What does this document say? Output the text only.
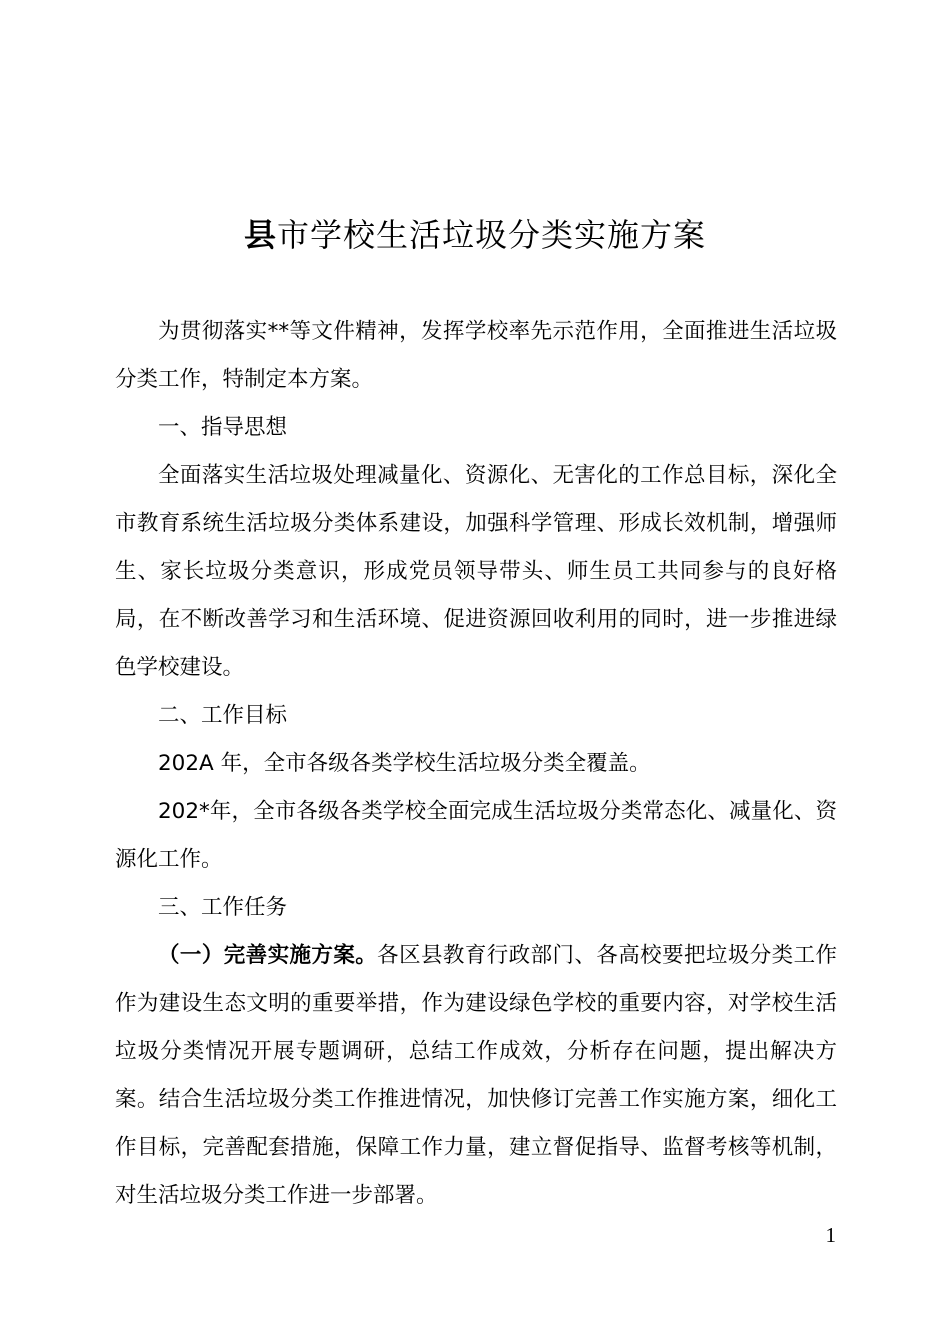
县市学校生活垃圾分类实施方案

为贯彻落实**等文件精神，发挥学校率先示范作用，全面推进生活垃圾分类工作，特制定本方案。

一、指导思想

全面落实生活垃圾处理减量化、资源化、无害化的工作总目标，深化全市教育系统生活垃圾分类体系建设，加强科学管理、形成长效机制，增强师生、家长垃圾分类意识，形成党员领导带头、师生员工共同参与的良好格局，在不断改善学习和生活环境、促进资源回收利用的同时，进一步推进绿色学校建设。

二、工作目标

202A 年，全市各级各类学校生活垃圾分类全覆盖。

202*年，全市各级各类学校全面完成生活垃圾分类常态化、减量化、资源化工作。

三、工作任务

（一）完善实施方案。各区县教育行政部门、各高校要把垃圾分类工作作为建设生态文明的重要举措，作为建设绿色学校的重要内容，对学校生活垃圾分类情况开展专题调研，总结工作成效，分析存在问题，提出解决方案。结合生活垃圾分类工作推进情况，加快修订完善工作实施方案，细化工作目标，完善配套措施，保障工作力量，建立督促指导、监督考核等机制，对生活垃圾分类工作进一步部署。

1
